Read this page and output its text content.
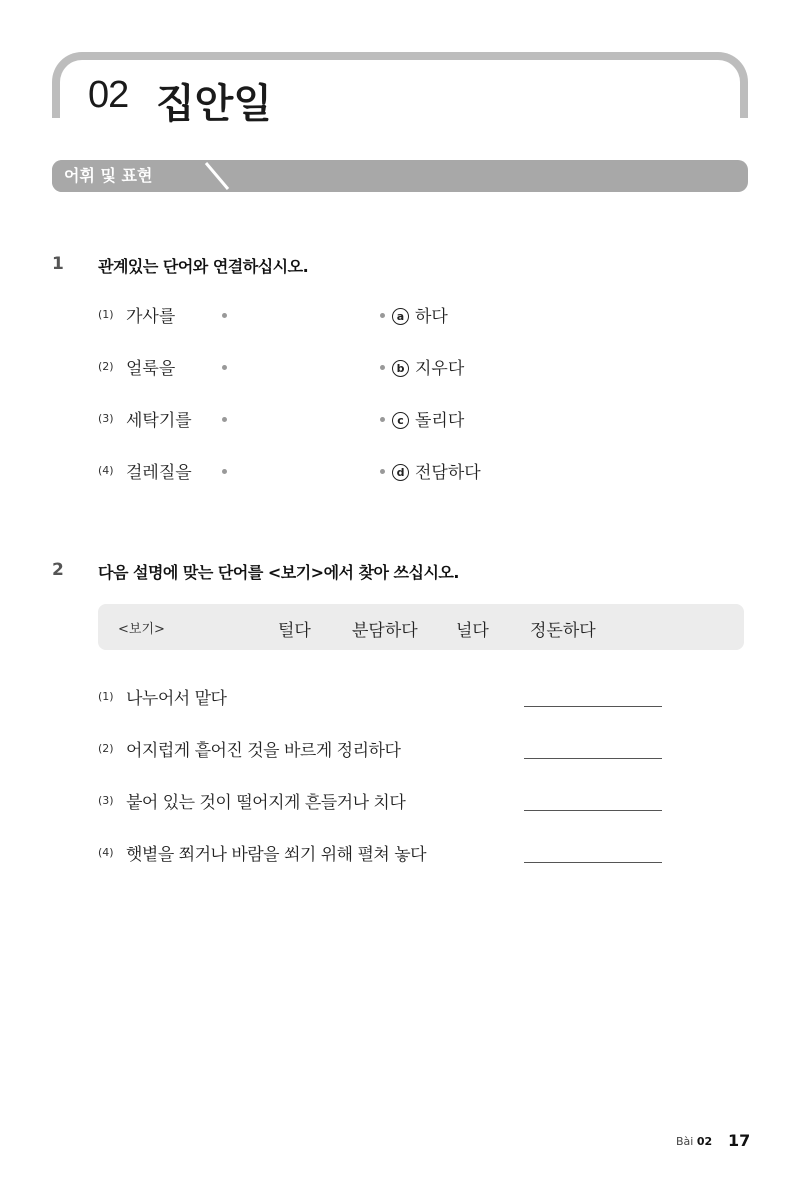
02 집안일
어휘 및 표현
1 관계있는 단어와 연결하십시오.
(1) 가사를	a 하다
(2) 얼룩을	b 지우다
(3) 세탁기를	c 돌리다
(4) 걸레질을	d 전담하다
2 다음 설명에 맞는 단어를 <보기>에서 찾아 쓰십시오.
<보기>	털다 분담하다 널다 정돈하다
(1) 나누어서 맡다
(2) 어지럽게 흩어진 것을 바르게 정리하다
(3) 붙어 있는 것이 떨어지게 흔들거나 치다
(4) 햇볕을 쬐거나 바람을 쐬기 위해 펼쳐 놓다
Bài 02 17
